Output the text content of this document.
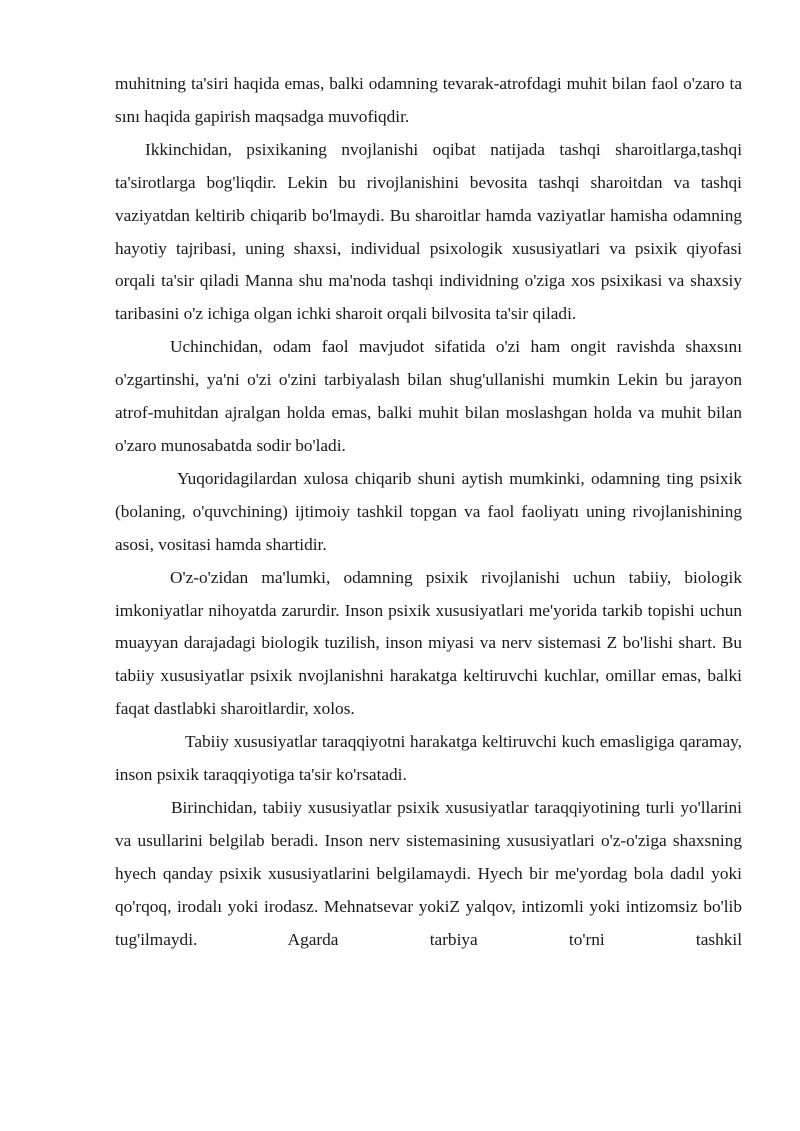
muhitning ta'siri haqida emas, balki odamning tevarak-atrofdagi muhit bilan faol o'zaro ta sını haqida gapirish maqsadga muvofiqdir.

Ikkinchidan, psixikaning nvojlanishi oqibat natijada tashqi sharoitlarga,tashqi ta'sirotlarga bog'liqdir. Lekin bu rivojlanishini bevosita tashqi sharoitdan va tashqi vaziyatdan keltirib chiqarib bo'lmaydi. Bu sharoitlar hamda vaziyatlar hamisha odamning hayotiy tajribasi, uning shaxsi, individual psixologik xususiyatlari va psixik qiyofasi orqali ta'sir qiladi Manna shu ma'noda tashqi individning o'ziga xos psixikasi va shaxsiy taribasini o'z ichiga olgan ichki sharoit orqali bilvosita ta'sir qiladi.

Uchinchidan, odam faol mavjudot sifatida o'zi ham ongit ravishda shaxsını o'zgartinshi, ya'ni o'zi o'zini tarbiyalash bilan shug'ullanishi mumkin Lekin bu jarayon atrof-muhitdan ajralgan holda emas, balki muhit bilan moslashgan holda va muhit bilan o'zaro munosabatda sodir bo'ladi.

Yuqoridagilardan xulosa chiqarib shuni aytish mumkinki, odamning ting psixik (bolaning, o'quvchining) ijtimoiy tashkil topgan va faol faoliyatı uning rivojlanishining asosi, vositasi hamda shartidir.

O'z-o'zidan ma'lumki, odamning psixik rivojlanishi uchun tabiiy, biologik imkoniyatlar nihoyatda zarurdir. Inson psixik xususiyatlari me'yorida tarkib topishi uchun muayyan darajadagi biologik tuzilish, inson miyasi va nerv sistemasi Z bo'lishi shart. Bu tabiiy xususiyatlar psixik nvojlanishni harakatga keltiruvchi kuchlar, omillar emas, balki faqat dastlabki sharoitlardir, xolos.

Tabiiy xususiyatlar taraqqiyotni harakatga keltiruvchi kuch emasligiga qaramay, inson psixik taraqqiyotiga ta'sir ko'rsatadi.

Birinchidan, tabiiy xususiyatlar psixik xususiyatlar taraqqiyotining turli yo'llarini va usullarini belgilab beradi. Inson nerv sistemasining xususiyatlari o'z-o'ziga shaxsning hyech qanday psixik xususiyatlarini belgilamaydi. Hyech bir me'yordag bola dadıl yoki qo'rqoq, irodalı yoki irodasz. Mehnatsevar yokiZ yalqov, intizomli yoki intizomsiz bo'lib tug'ilmaydi. Agarda tarbiya to'rni tashkil
